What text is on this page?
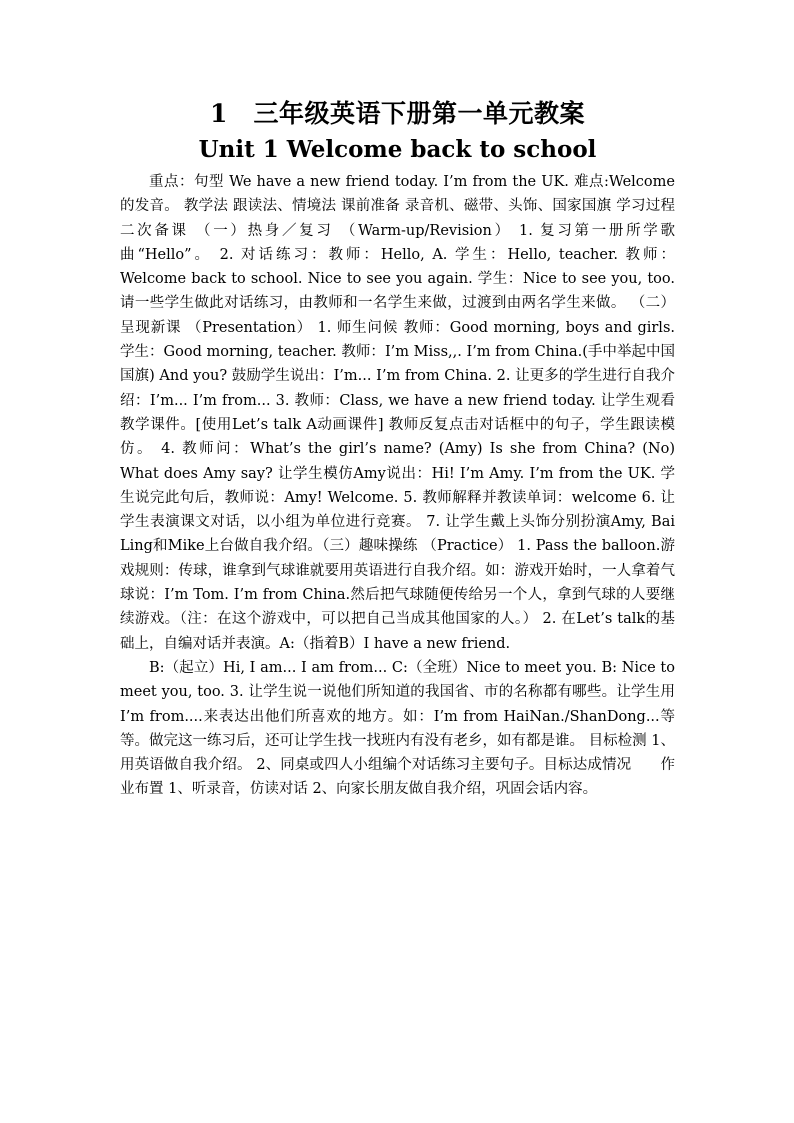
1　三年级英语下册第一单元教案
Unit 1 Welcome back to school

重点：句型 We have a new friend today. I’m from the UK. 难点:Welcome的发音。 教学法 跟读法、情境法 课前准备 录音机、磁带、头饰、国家国旗 学习过程 二次备课 （一）热身／复习 （Warm-up/Revision） 1. 复习第一册所学歌曲“Hello”。 2. 对话练习：教师：Hello, A. 学生：Hello, teacher. 教师：Welcome back to school. Nice to see you again. 学生：Nice to see you, too. 请一些学生做此对话练习，由教师和一名学生来做，过渡到由两名学生来做。 （二）呈现新课 （Presentation） 1. 师生问候 教师：Good morning, boys and girls. 学生：Good morning, teacher. 教师：I’m Miss,,. I’m from China.(手中举起中国国旗) And you? 鼓励学生说出：I’m... I’m from China. 2. 让更多的学生进行自我介绍：I’m... I’m from... 3. 教师：Class, we have a new friend today. 让学生观看教学课件。[使用Let’s talk A动画课件] 教师反复点击对话框中的句子，学生跟读模仿。 4. 教师问：What’s the girl’s name? (Amy) Is she from China? (No) What does Amy say? 让学生模仿Amy说出：Hi! I’m Amy. I’m from the UK. 学生说完此句后，教师说：Amy! Welcome. 5. 教师解释并教读单词：welcome 6. 让学生表演课文对话，以小组为单位进行竞赛。 7. 让学生戴上头饰分别扮演Amy, Bai Ling和Mike上台做自我介绍。（三）趣味操练 （Practice） 1. Pass the balloon.游戏规则：传球，谁拿到气球谁就要用英语进行自我介绍。如：游戏开始时，一人拿着气球说：I’m Tom. I’m from China.然后把气球随便传给另一个人，拿到气球的人要继续游戏。（注：在这个游戏中，可以把自己当成其他国家的人。） 2. 在Let’s talk的基础上，自编对话并表演。A:（指着B）I have a new friend.

B:（起立）Hi, I am... I am from... C:（全班）Nice to meet you. B: Nice to meet you, too. 3. 让学生说一说他们所知道的我国省、市的名称都有哪些。让学生用I’m from....来表达出他们所喜欢的地方。如：I’m from HaiNan./ShanDong...等等。做完这一练习后，还可让学生找一找班内有没有老乡，如有都是谁。 目标检测 1、用英语做自我介绍。 2、同桌或四人小组编个对话练习主要句子。目标达成情况　　作业布置 1、听录音，仿读对话 2、向家长朋友做自我介绍，巩固会话内容。
